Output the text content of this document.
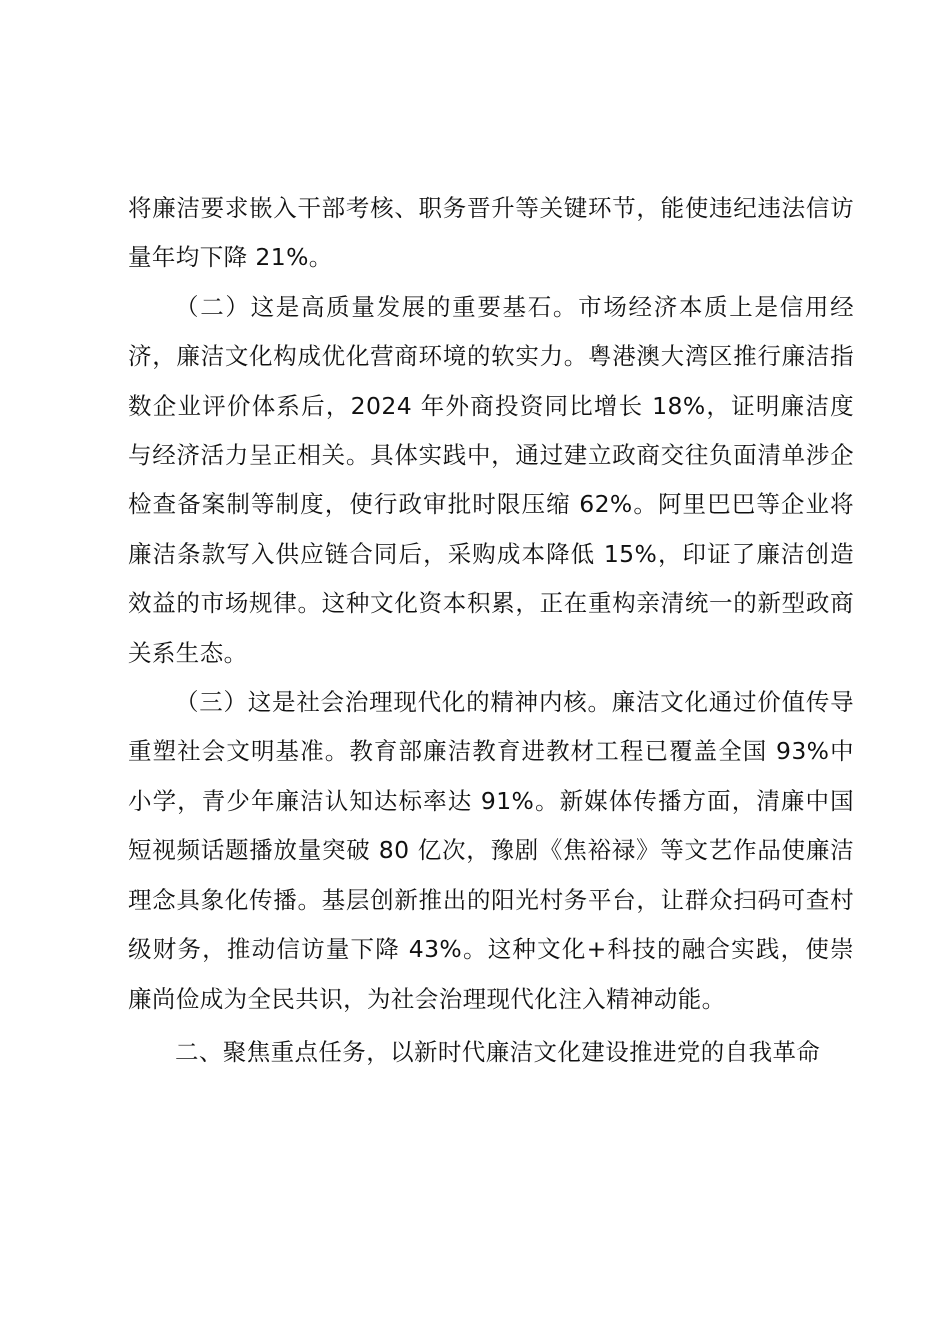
将廉洁要求嵌入干部考核、职务晋升等关键环节，能使违纪违法信访量年均下降 21%。

（二）这是高质量发展的重要基石。市场经济本质上是信用经济，廉洁文化构成优化营商环境的软实力。粤港澳大湾区推行廉洁指数企业评价体系后，2024 年外商投资同比增长 18%，证明廉洁度与经济活力呈正相关。具体实践中，通过建立政商交往负面清单涉企检查备案制等制度，使行政审批时限压缩 62%。阿里巴巴等企业将廉洁条款写入供应链合同后，采购成本降低 15%，印证了廉洁创造效益的市场规律。这种文化资本积累，正在重构亲清统一的新型政商关系生态。

（三）这是社会治理现代化的精神内核。廉洁文化通过价值传导重塑社会文明基准。教育部廉洁教育进教材工程已覆盖全国 93%中小学，青少年廉洁认知达标率达 91%。新媒体传播方面，清廉中国短视频话题播放量突破 80 亿次，豫剧《焦裕禄》等文艺作品使廉洁理念具象化传播。基层创新推出的阳光村务平台，让群众扫码可查村级财务，推动信访量下降 43%。这种文化+科技的融合实践，使崇廉尚俭成为全民共识，为社会治理现代化注入精神动能。

二、聚焦重点任务，以新时代廉洁文化建设推进党的自我革命
